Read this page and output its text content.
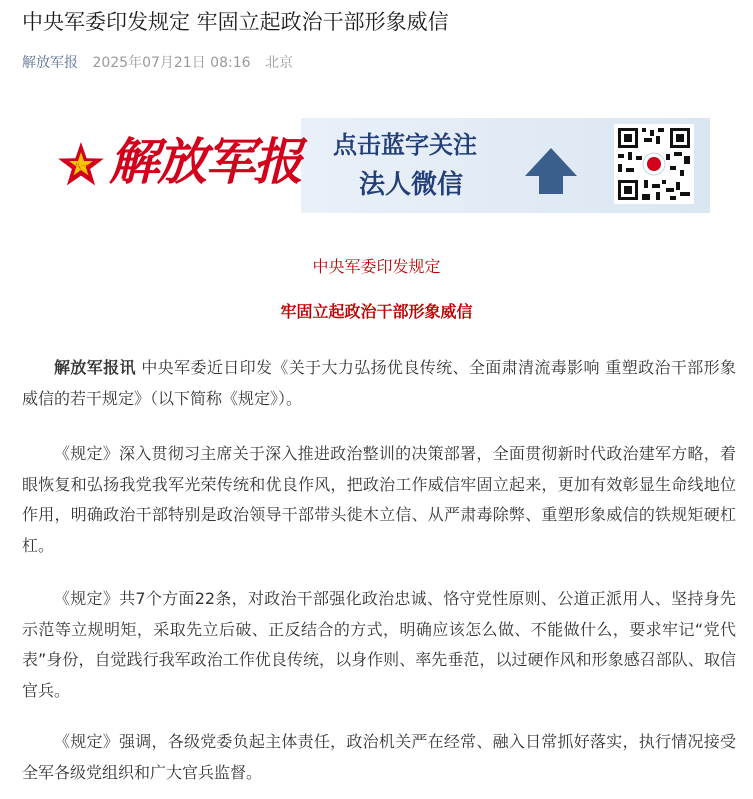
中央军委印发规定 牢固立起政治干部形象威信
解放军报 2025年07月21日 08:16 北京
八一 解放军报 点击蓝字关注
法人微信
中央军委印发规定
牢固立起政治干部形象威信

解放军报讯 中央军委近日印发《关于大力弘扬优良传统、全面肃清流毒影响 重塑政治干部形象威信的若干规定》（以下简称《规定》）。

《规定》深入贯彻习主席关于深入推进政治整训的决策部署，全面贯彻新时代政治建军方略，着眼恢复和弘扬我党我军光荣传统和优良作风，把政治工作威信牢固立起来，更加有效彰显生命线地位作用，明确政治干部特别是政治领导干部带头徙木立信、从严肃毒除弊、重塑形象威信的铁规矩硬杠杠。

《规定》共7个方面22条，对政治干部强化政治忠诚、恪守党性原则、公道正派用人、坚持身先示范等立规明矩，采取先立后破、正反结合的方式，明确应该怎么做、不能做什么，要求牢记“党代表”身份，自觉践行我军政治工作优良传统，以身作则、率先垂范，以过硬作风和形象感召部队、取信官兵。

《规定》强调，各级党委负起主体责任，政治机关严在经常、融入日常抓好落实，执行情况接受全军各级党组织和广大官兵监督。
